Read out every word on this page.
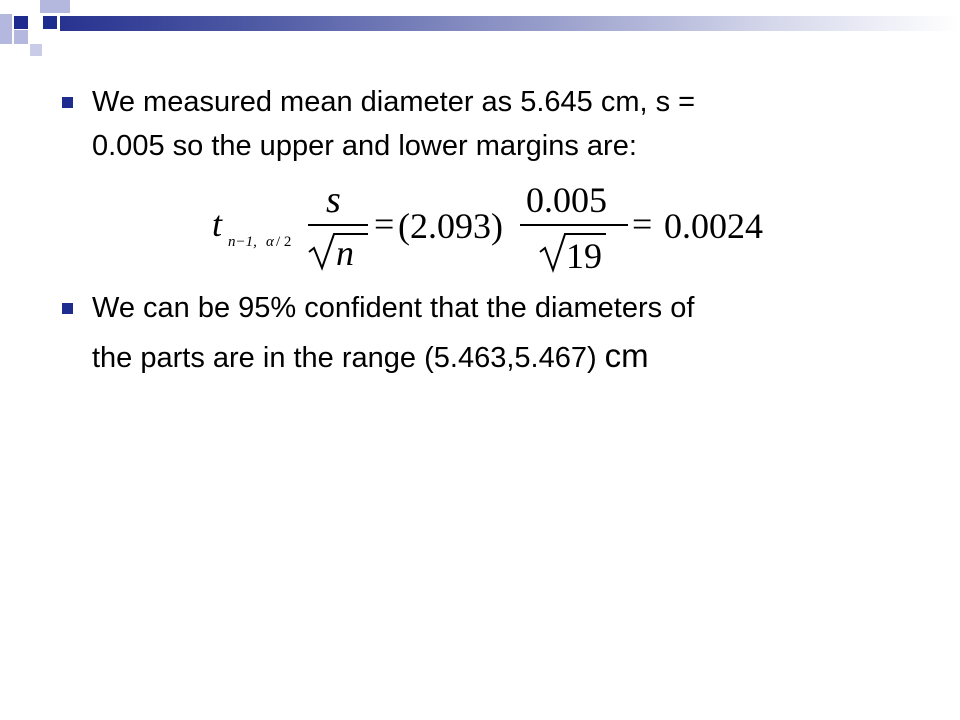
We measured mean diameter as 5.645 cm, s =
0.005 so the upper and lower margins are:
t n−1, α / 2
s
n
= (2.093)
0.005
19
= 0.0024
We can be 95% confident that the diameters of
the parts are in the range (5.463,5.467) cm
